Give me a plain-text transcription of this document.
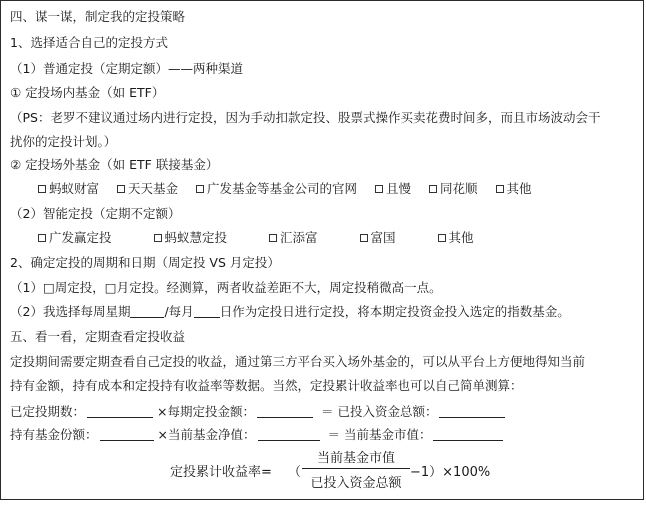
四、谋一谋，制定我的定投策略
1、选择适合自己的定投方式
（1）普通定投（定期定额）——两种渠道
① 定投场内基金（如 ETF）
（PS：老罗不建议通过场内进行定投，因为手动扣款定投、股票式操作买卖花费时间多，而且市场波动会干
扰你的定投计划。）
② 定投场外基金（如 ETF 联接基金）
蚂蚁财富 天天基金 广发基金等基金公司的官网 且慢 同花顺 其他
（2）智能定投（定期不定额）
广发赢定投	蚂蚁慧定投	汇添富	富国	其他
2、确定定投的周期和日期（周定投 VS 月定投）
（1）□周定投，□月定投。经测算，两者收益差距不大，周定投稍微高一点。
（2）我选择每周星期	/每月 日作为定投日进行定投，将本期定投资金投入选定的指数基金。
五、看一看，定期查看定投收益
定投期间需要定期查看自己定投的收益，通过第三方平台买入场外基金的，可以从平台上方便地得知当前
持有金额，持有成本和定投持有收益率等数据。当然，定投累计收益率也可以自己简单测算：
已定投期数：	×每期定投金额：	＝ 已投入资金总额：
持有基金份额：	×当前基金净值：	＝ 当前基金市值：
定投累计收益率= （
当前基金市值
已投入资金总额
−1）×100%
